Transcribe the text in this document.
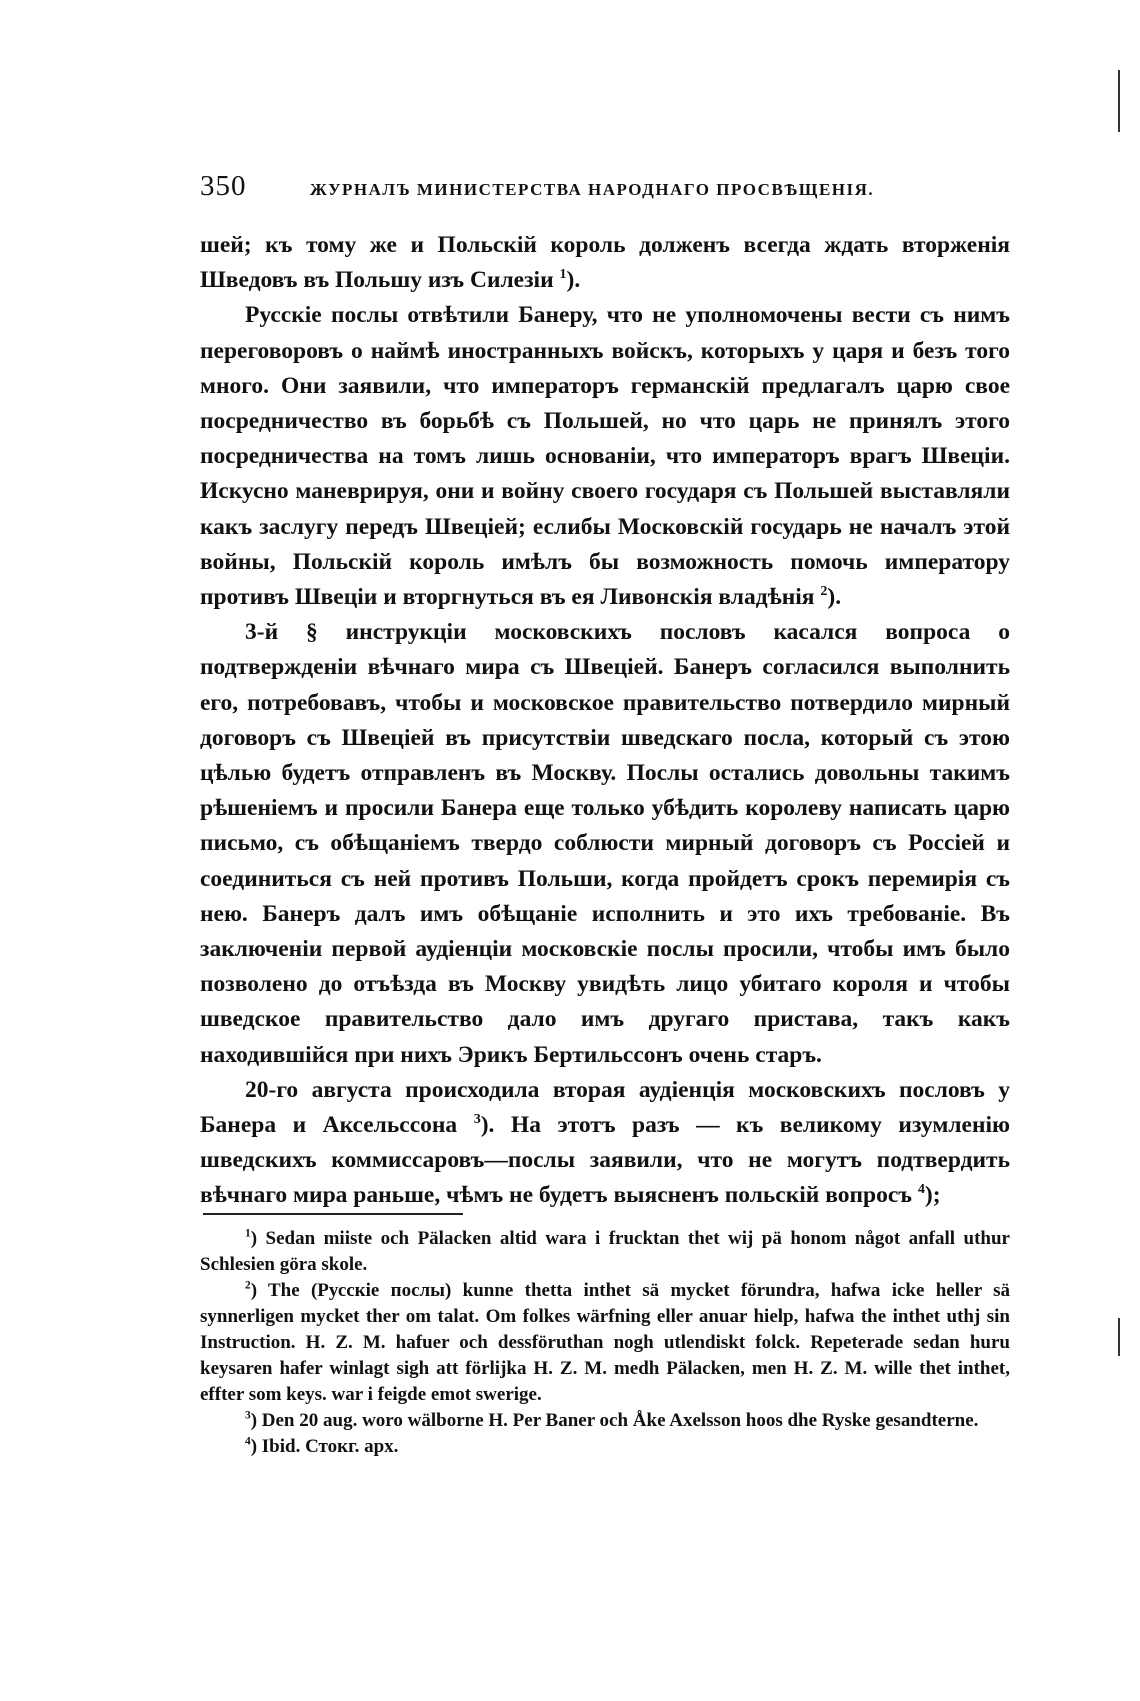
350	ЖУРНАЛЪ МИНИСТЕРСТВА НАРОДНАГО ПРОСВѢЩЕНІЯ.

шей; къ тому же и Польскій король долженъ всегда ждать вторженія Шведовъ въ Польшу изъ Силезіи $^1$).

Русскіе послы отвѣтили Банеру, что не уполномочены вести съ нимъ переговоровъ о наймѣ иностранныхъ войскъ, которыхъ у царя и безъ того много. Они заявили, что императоръ германскій предлагалъ царю свое посредничество въ борьбѣ съ Польшей, но что царь не принялъ этого посредничества на томъ лишь основаніи, что императоръ врагъ Швеціи. Искусно маневрируя, они и войну своего государя съ Польшей выставляли какъ заслугу передъ Швеціей; еслибы Московскій государь не началъ этой войны, Польскій король имѣлъ бы возможность помочь императору противъ Швеціи и вторгнуться въ ея Ливонскія владѣнія $^2$).

3-й § инструкціи московскихъ пословъ касался вопроса о подтвержденіи вѣчнаго мира съ Швеціей. Банеръ согласился выполнить его, потребовавъ, чтобы и московское правительство потвердило мирный договоръ съ Швеціей въ присутствіи шведскаго посла, который съ этою цѣлью будетъ отправленъ въ Москву. Послы остались довольны такимъ рѣшеніемъ и просили Банера еще только убѣдить королеву написать царю письмо, съ обѣщаніемъ твердо соблюсти мирный договоръ съ Россіей и соединиться съ ней противъ Польши, когда пройдетъ срокъ перемирія съ нею. Банеръ далъ имъ обѣщаніе исполнить и это ихъ требованіе. Въ заключеніи первой аудіенціи московскіе послы просили, чтобы имъ было позволено до отъѣзда въ Москву увидѣть лицо убитаго короля и чтобы шведское правительство дало имъ другаго пристава, такъ какъ находившійся при нихъ Эрикъ Бертильссонъ очень старъ.

20-го августа происходила вторая аудіенція московскихъ пословъ у Банера и Аксельссона $^3$). На этотъ разъ — къ великому изумленію шведскихъ коммиссаровъ—послы заявили, что не могутъ подтвердить вѣчнаго мира раньше, чѣмъ не будетъ выясненъ польскій вопросъ $^4$);

$^1$) Sedan miiste och Pälacken altid wara i frucktan thet wij pä honom något anfall uthur Schlesien göra skole.

$^2$) The (Русскіе послы) kunne thetta inthet sä mycket förundra, hafwa icke heller sä synnerligen mycket ther om talat. Om folkes wärfning eller anuar hielp, hafwa the inthet uthj sin Instruction. H. Z. M. hafuer och dessföruthan nogh utlendiskt folck. Repeterade sedan huru keysaren hafer winlagt sigh att förlijka H. Z. M. medh Pälacken, men H. Z. M. wille thet inthet, effter som keys. war i feigde emot swerige.

$^3$) Den 20 aug. woro wälborne H. Per Baner och Åke Axelsson hoos dhe Ryske gesandterne.

$^4$) Ibid. Стокг. арх.
